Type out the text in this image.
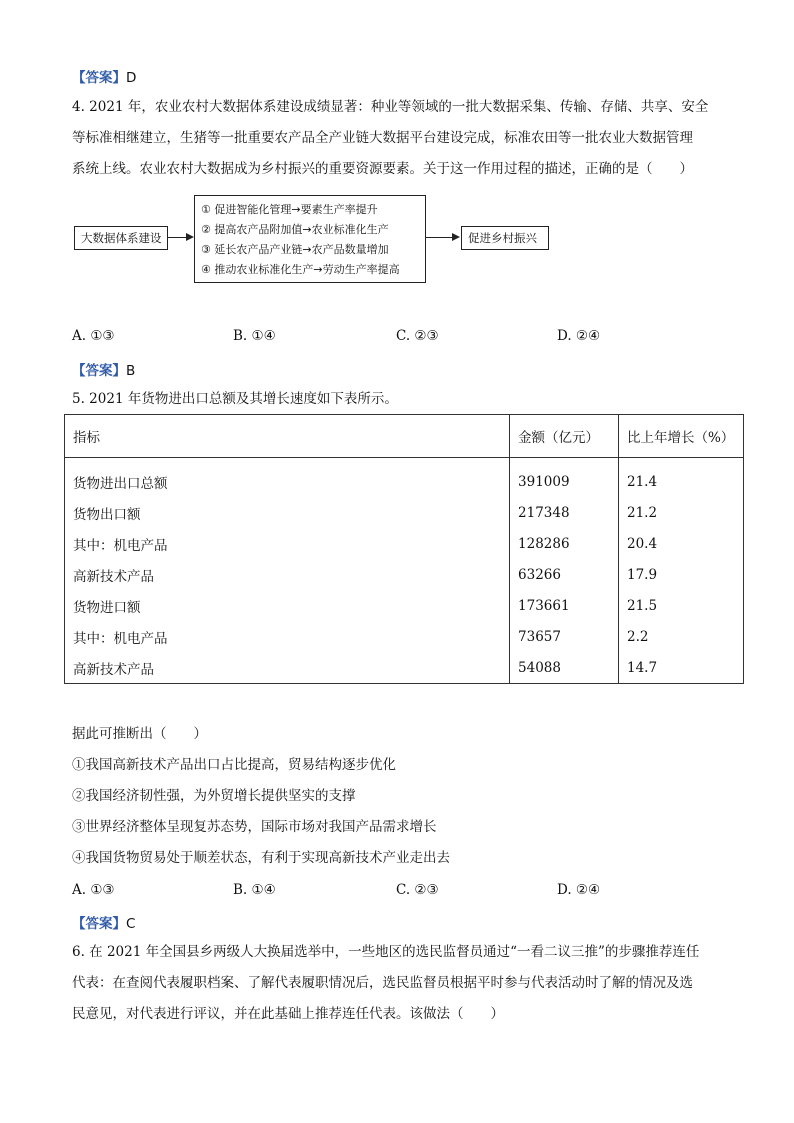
【答案】D
4. 2021 年，农业农村大数据体系建设成绩显著：种业等领域的一批大数据采集、传输、存储、共享、安全
等标准相继建立，生猪等一批重要农产品全产业链大数据平台建设完成，标准农田等一批农业大数据管理
系统上线。农业农村大数据成为乡村振兴的重要资源要素。关于这一作用过程的描述，正确的是（　　）
大数据体系建设
① 促进智能化管理→要素生产率提升
② 提高农产品附加值→农业标准化生产
③ 延长农产品产业链→农产品数量增加
④ 推动农业标准化生产→劳动生产率提高
促进乡村振兴
A. ①③	B. ①④	C. ②③	D. ②④
【答案】B
5. 2021 年货物进出口总额及其增长速度如下表所示。
指标	金额（亿元）	比上年增长（%）
货物进出口总额	391009	21.4
货物出口额	217348	21.2
其中：机电产品	128286	20.4
高新技术产品	63266	17.9
货物进口额	173661	21.5
其中：机电产品	73657	2.2
高新技术产品	54088	14.7
据此可推断出（　　）
①我国高新技术产品出口占比提高，贸易结构逐步优化
②我国经济韧性强，为外贸增长提供坚实的支撑
③世界经济整体呈现复苏态势，国际市场对我国产品需求增长
④我国货物贸易处于顺差状态，有利于实现高新技术产业走出去
A. ①③	B. ①④	C. ②③	D. ②④
【答案】C
6. 在 2021 年全国县乡两级人大换届选举中，一些地区的选民监督员通过“一看二议三推”的步骤推荐连任
代表：在查阅代表履职档案、了解代表履职情况后，选民监督员根据平时参与代表活动时了解的情况及选
民意见，对代表进行评议，并在此基础上推荐连任代表。该做法（　　）
